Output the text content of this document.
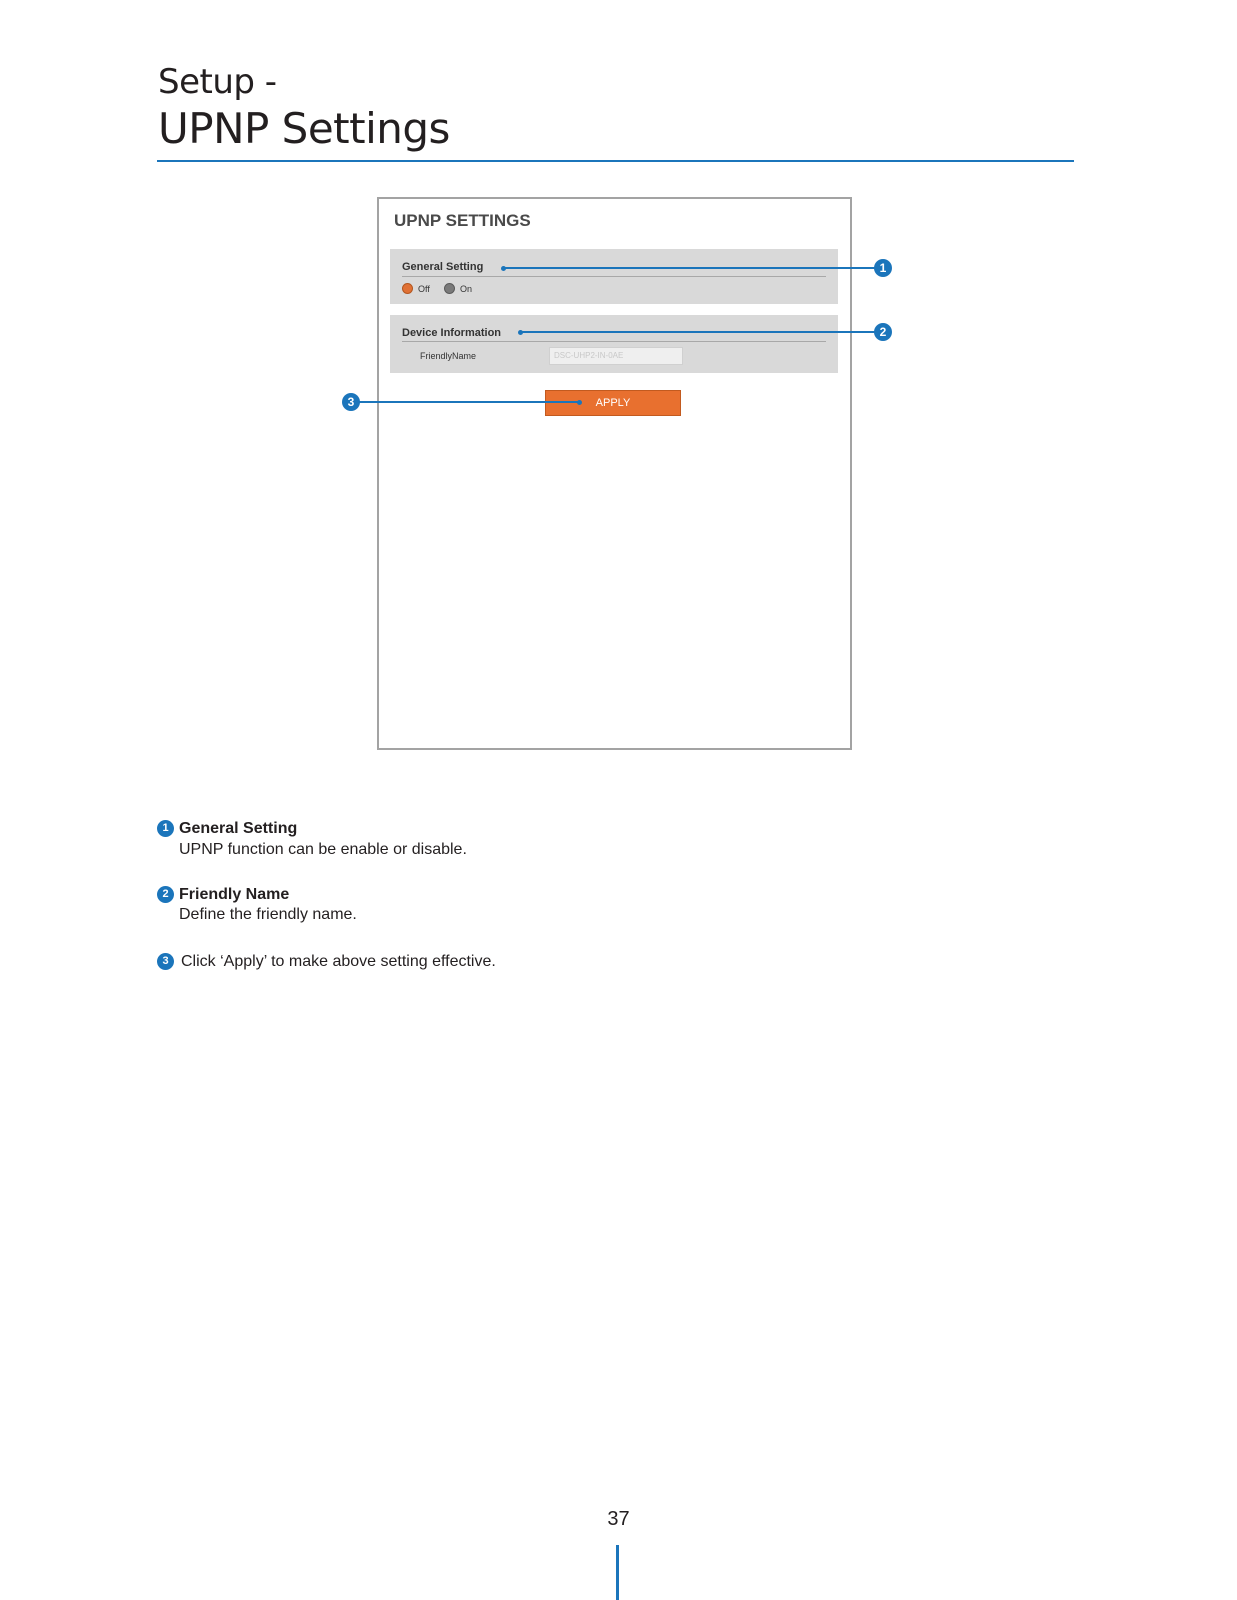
Setup -
UPNP Settings
UPNP SETTINGS
General Setting
Off	On
Device Information
FriendlyName	DSC-UHP2-IN-0AE
APPLY
1
2
3
1 General Setting
UPNP function can be enable or disable.
2 Friendly Name
Define the friendly name.
3 Click ‘Apply’ to make above setting effective.
37
